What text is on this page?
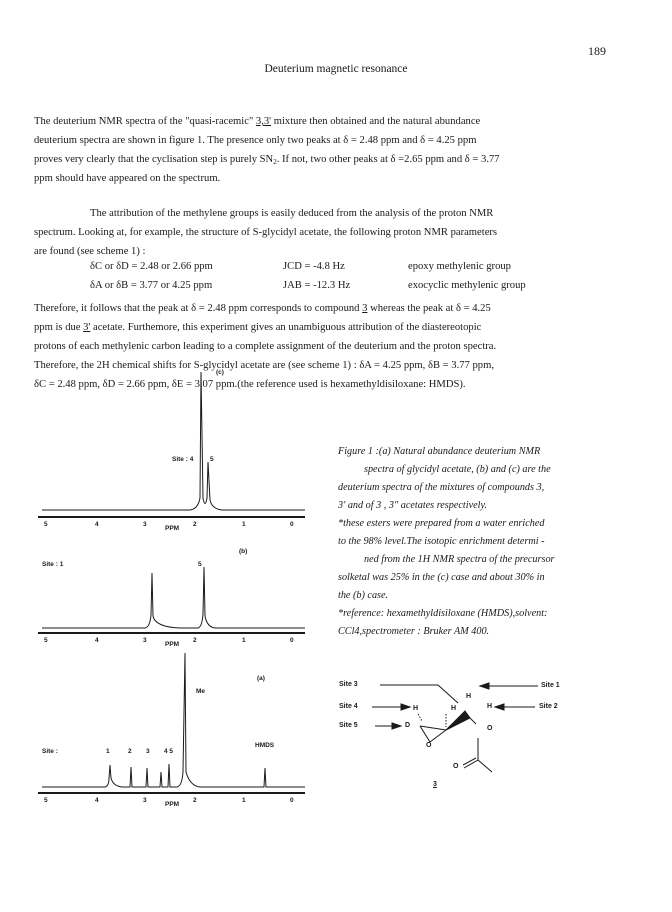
189
Deuterium magnetic resonance

The deuterium NMR spectra of the "quasi-racemic" 3,3' mixture then obtained and the natural abundance

deuterium spectra are shown in figure 1. The presence only two peaks at δ = 2.48 ppm and δ = 4.25 ppm

proves very clearly that the cyclisation step is purely $SN_2$. If not, two other peaks at δ =2.65 ppm and δ = 3.77

ppm should have appeared on the spectrum.

The attribution of the methylene groups is easily deduced from the analysis of the proton NMR

spectrum. Looking at, for example, the structure of S-glycidyl acetate, the following proton NMR parameters

are found (see scheme 1) :

δC or δD = 2.48 or 2.66 ppm	JCD = -4.8 Hz	epoxy methylenic group
δA or δB = 3.77 or 4.25 ppm	JAB = -12.3 Hz	exocyclic methylenic group

Therefore, it follows that the peak at δ = 2.48 ppm corresponds to compound 3 whereas the peak at δ = 4.25

ppm is due 3' acetate. Furthemore, this experiment gives an unambiguous attribution of the diastereotopic

protons of each methylenic carbon leading to a complete assignment of the deuterium and the proton spectra.

Therefore, the 2H chemical shifts for S-glycidyl acetate are (see scheme 1) : δA = 4.25 ppm, δB = 3.77 ppm,

δC = 2.48 ppm, δD = 2.66 ppm, δE = 3.07 ppm.(the reference used is hexamethyldisiloxane: HMDS).

(c)
Site : 4	5
5	4	3
PPM
2	1	0
(b)
Site : 1	5
5	4	3
PPM
2	1	0
(a)
Me
HMDS
Site :	1	2 3 4 5
5	4	3
PPM
2	1	0

Figure 1 :(a) Natural abundance deuterium NMR

spectra of glycidyl acetate, (b) and (c) are the

deuterium spectra of the mixtures of compounds 3,

3' and of 3 , 3" acetates respectively.

*these esters were prepared from a water enriched

to the 98% level.The isotopic enrichment determi -

ned from the 1H NMR spectra of the precursor

solketal was 25% in the (c) case and about 30% in

the (b) case.

*reference: hexamethyldisiloxane (HMDS),solvent:

CCl4,spectrometer : Bruker AM 400.

Site 3
Site 4
Site 5
Site 1
Site 2
H
H	H	H
D	O
O
O
3
